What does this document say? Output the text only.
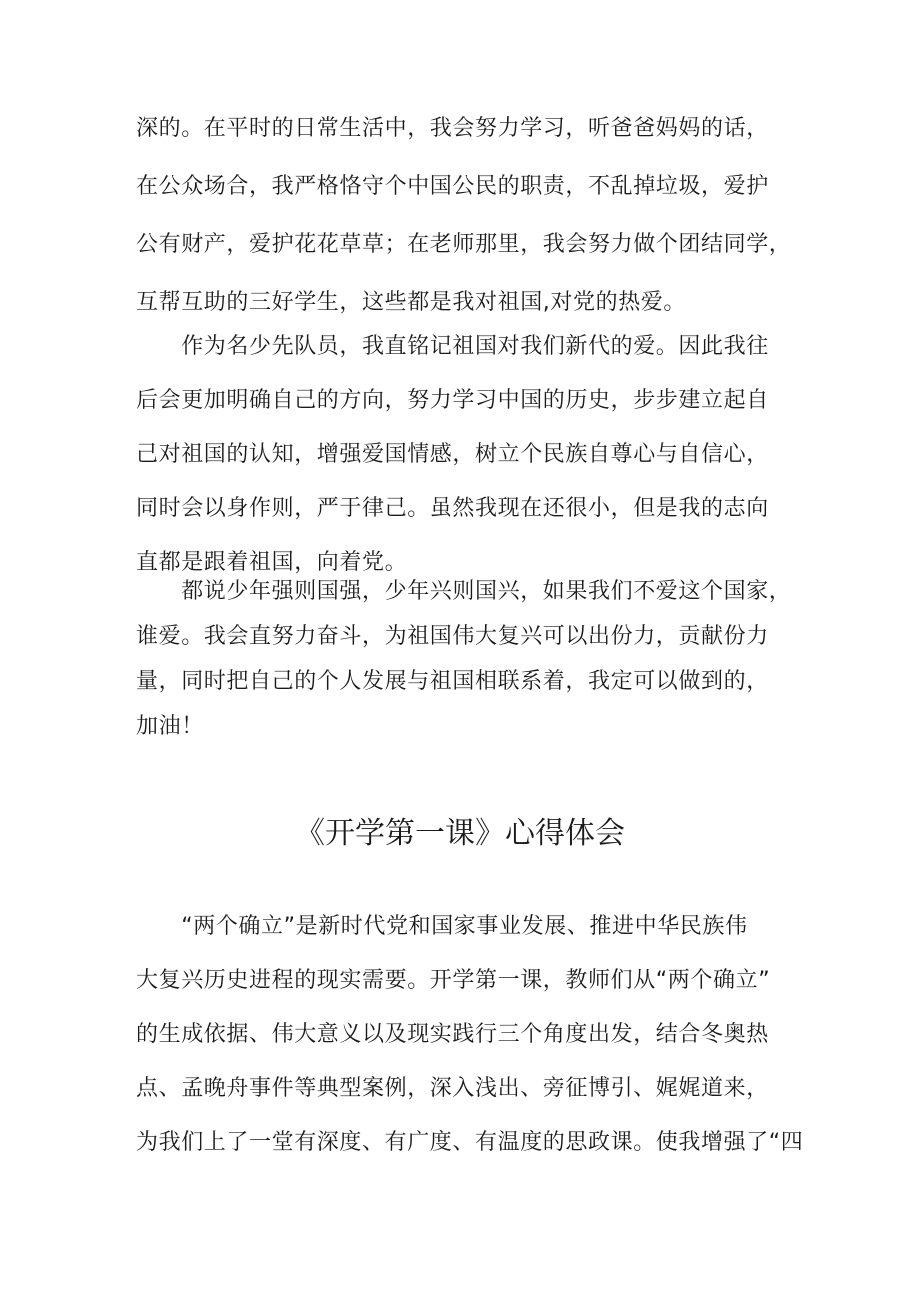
深的。在平时的日常生活中，我会努力学习，听爸爸妈妈的话，
在公众场合，我严格恪守个中国公民的职责，不乱掉垃圾，爱护
公有财产，爱护花花草草；在老师那里，我会努力做个团结同学，
互帮互助的三好学生，这些都是我对祖国,对党的热爱。
　　作为名少先队员，我直铭记祖国对我们新代的爱。因此我往
后会更加明确自己的方向，努力学习中国的历史，步步建立起自
己对祖国的认知，增强爱国情感，树立个民族自尊心与自信心，
同时会以身作则，严于律己。虽然我现在还很小，但是我的志向
直都是跟着祖国，向着党。
　　都说少年强则国强，少年兴则国兴，如果我们不爱这个国家，
谁爱。我会直努力奋斗，为祖国伟大复兴可以出份力，贡献份力
量，同时把自己的个人发展与祖国相联系着，我定可以做到的，
加油！
《开学第一课》心得体会
　　“两个确立”是新时代党和国家事业发展、推进中华民族伟
大复兴历史进程的现实需要。开学第一课，教师们从“两个确立”
的生成依据、伟大意义以及现实践行三个角度出发，结合冬奥热
点、孟晚舟事件等典型案例，深入浅出、旁征博引、娓娓道来，
为我们上了一堂有深度、有广度、有温度的思政课。使我增强了“四
